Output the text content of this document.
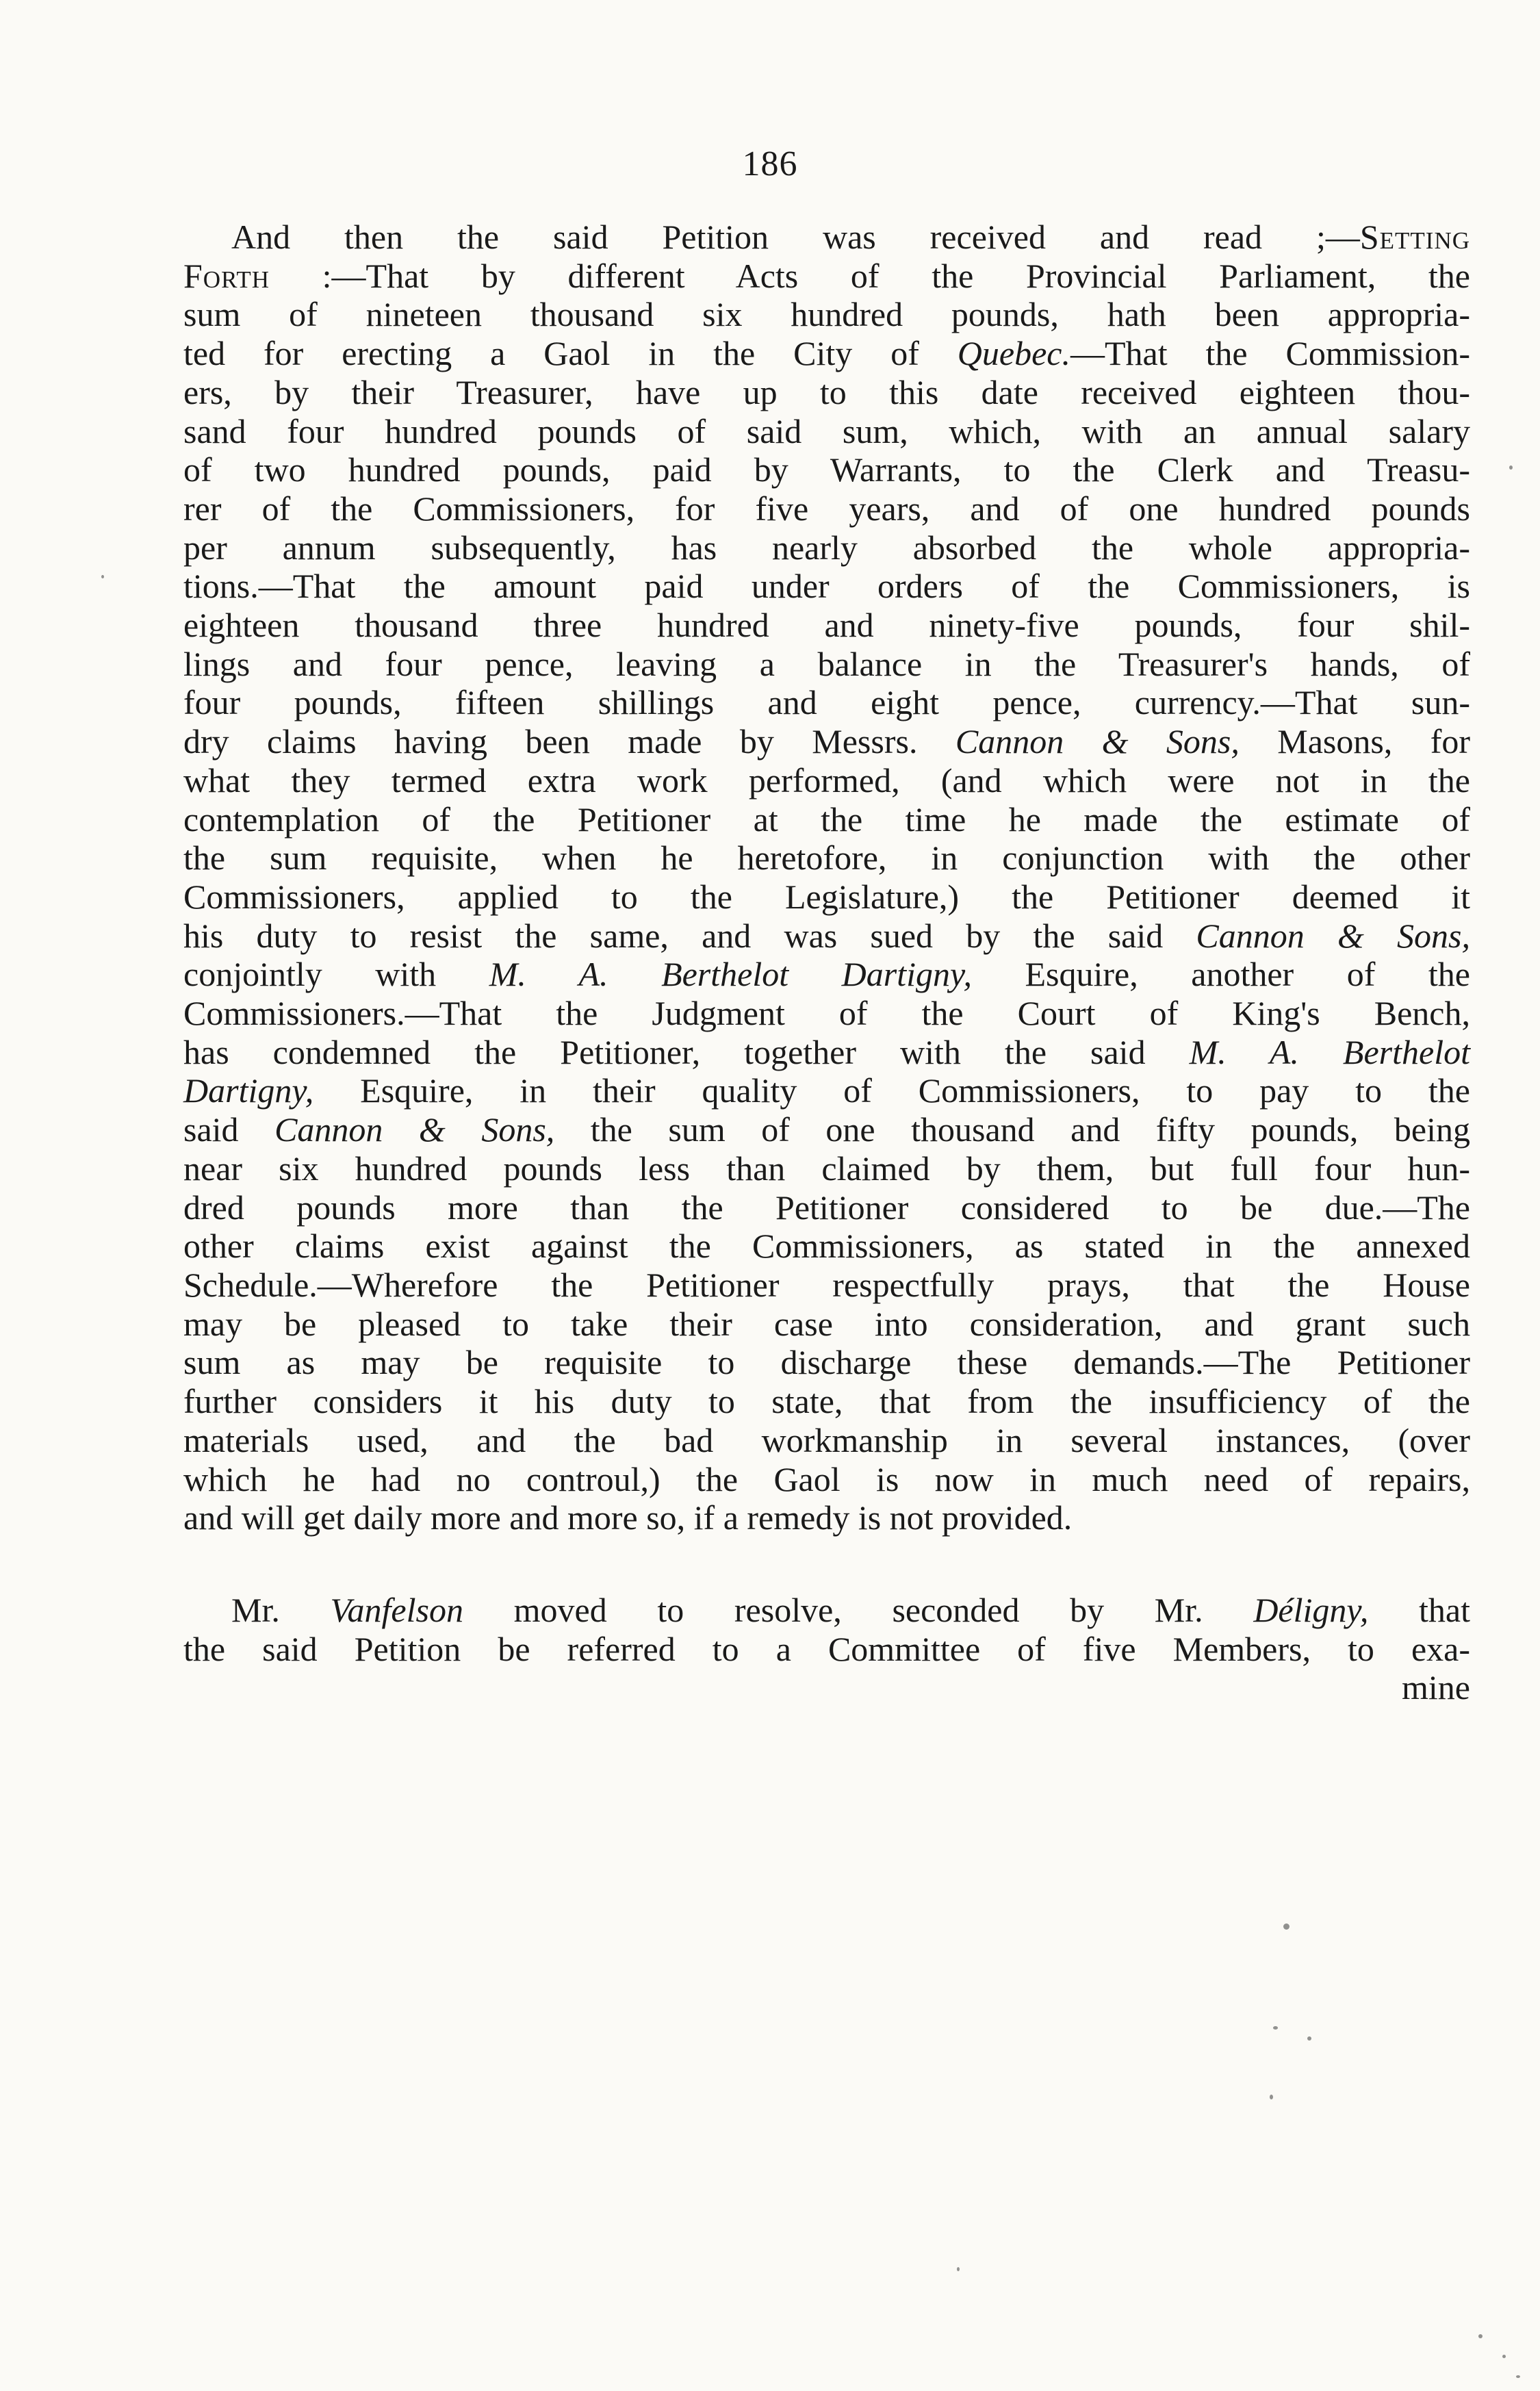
186
And then the said Petition was received and read ;—Setting
Forth :—That by different Acts of the Provincial Parliament, the
sum of nineteen thousand six hundred pounds, hath been appropria-
ted for erecting a Gaol in the City of Quebec.—That the Commission-
ers, by their Treasurer, have up to this date received eighteen thou-
sand four hundred pounds of said sum, which, with an annual salary
of two hundred pounds, paid by Warrants, to the Clerk and Treasu-
rer of the Commissioners, for five years, and of one hundred pounds
per annum subsequently, has nearly absorbed the whole appropria-
tions.—That the amount paid under orders of the Commissioners, is
eighteen thousand three hundred and ninety-five pounds, four shil-
lings and four pence, leaving a balance in the Treasurer's hands, of
four pounds, fifteen shillings and eight pence, currency.—That sun-
dry claims having been made by Messrs. Cannon & Sons, Masons, for
what they termed extra work performed, (and which were not in the
contemplation of the Petitioner at the time he made the estimate of
the sum requisite, when he heretofore, in conjunction with the other
Commissioners, applied to the Legislature,) the Petitioner deemed it
his duty to resist the same, and was sued by the said Cannon & Sons,
conjointly with M. A. Berthelot Dartigny, Esquire, another of the
Commissioners.—That the Judgment of the Court of King's Bench,
has condemned the Petitioner, together with the said M. A. Berthelot
Dartigny, Esquire, in their quality of Commissioners, to pay to the
said Cannon & Sons, the sum of one thousand and fifty pounds, being
near six hundred pounds less than claimed by them, but full four hun-
dred pounds more than the Petitioner considered to be due.—The
other claims exist against the Commissioners, as stated in the annexed
Schedule.—Wherefore the Petitioner respectfully prays, that the House
may be pleased to take their case into consideration, and grant such
sum as may be requisite to discharge these demands.—The Petitioner
further considers it his duty to state, that from the insufficiency of the
materials used, and the bad workmanship in several instances, (over
which he had no controul,) the Gaol is now in much need of repairs,
and will get daily more and more so, if a remedy is not provided.
Mr. Vanfelson moved to resolve, seconded by Mr. Déligny, that
the said Petition be referred to a Committee of five Members, to exa-
mine
